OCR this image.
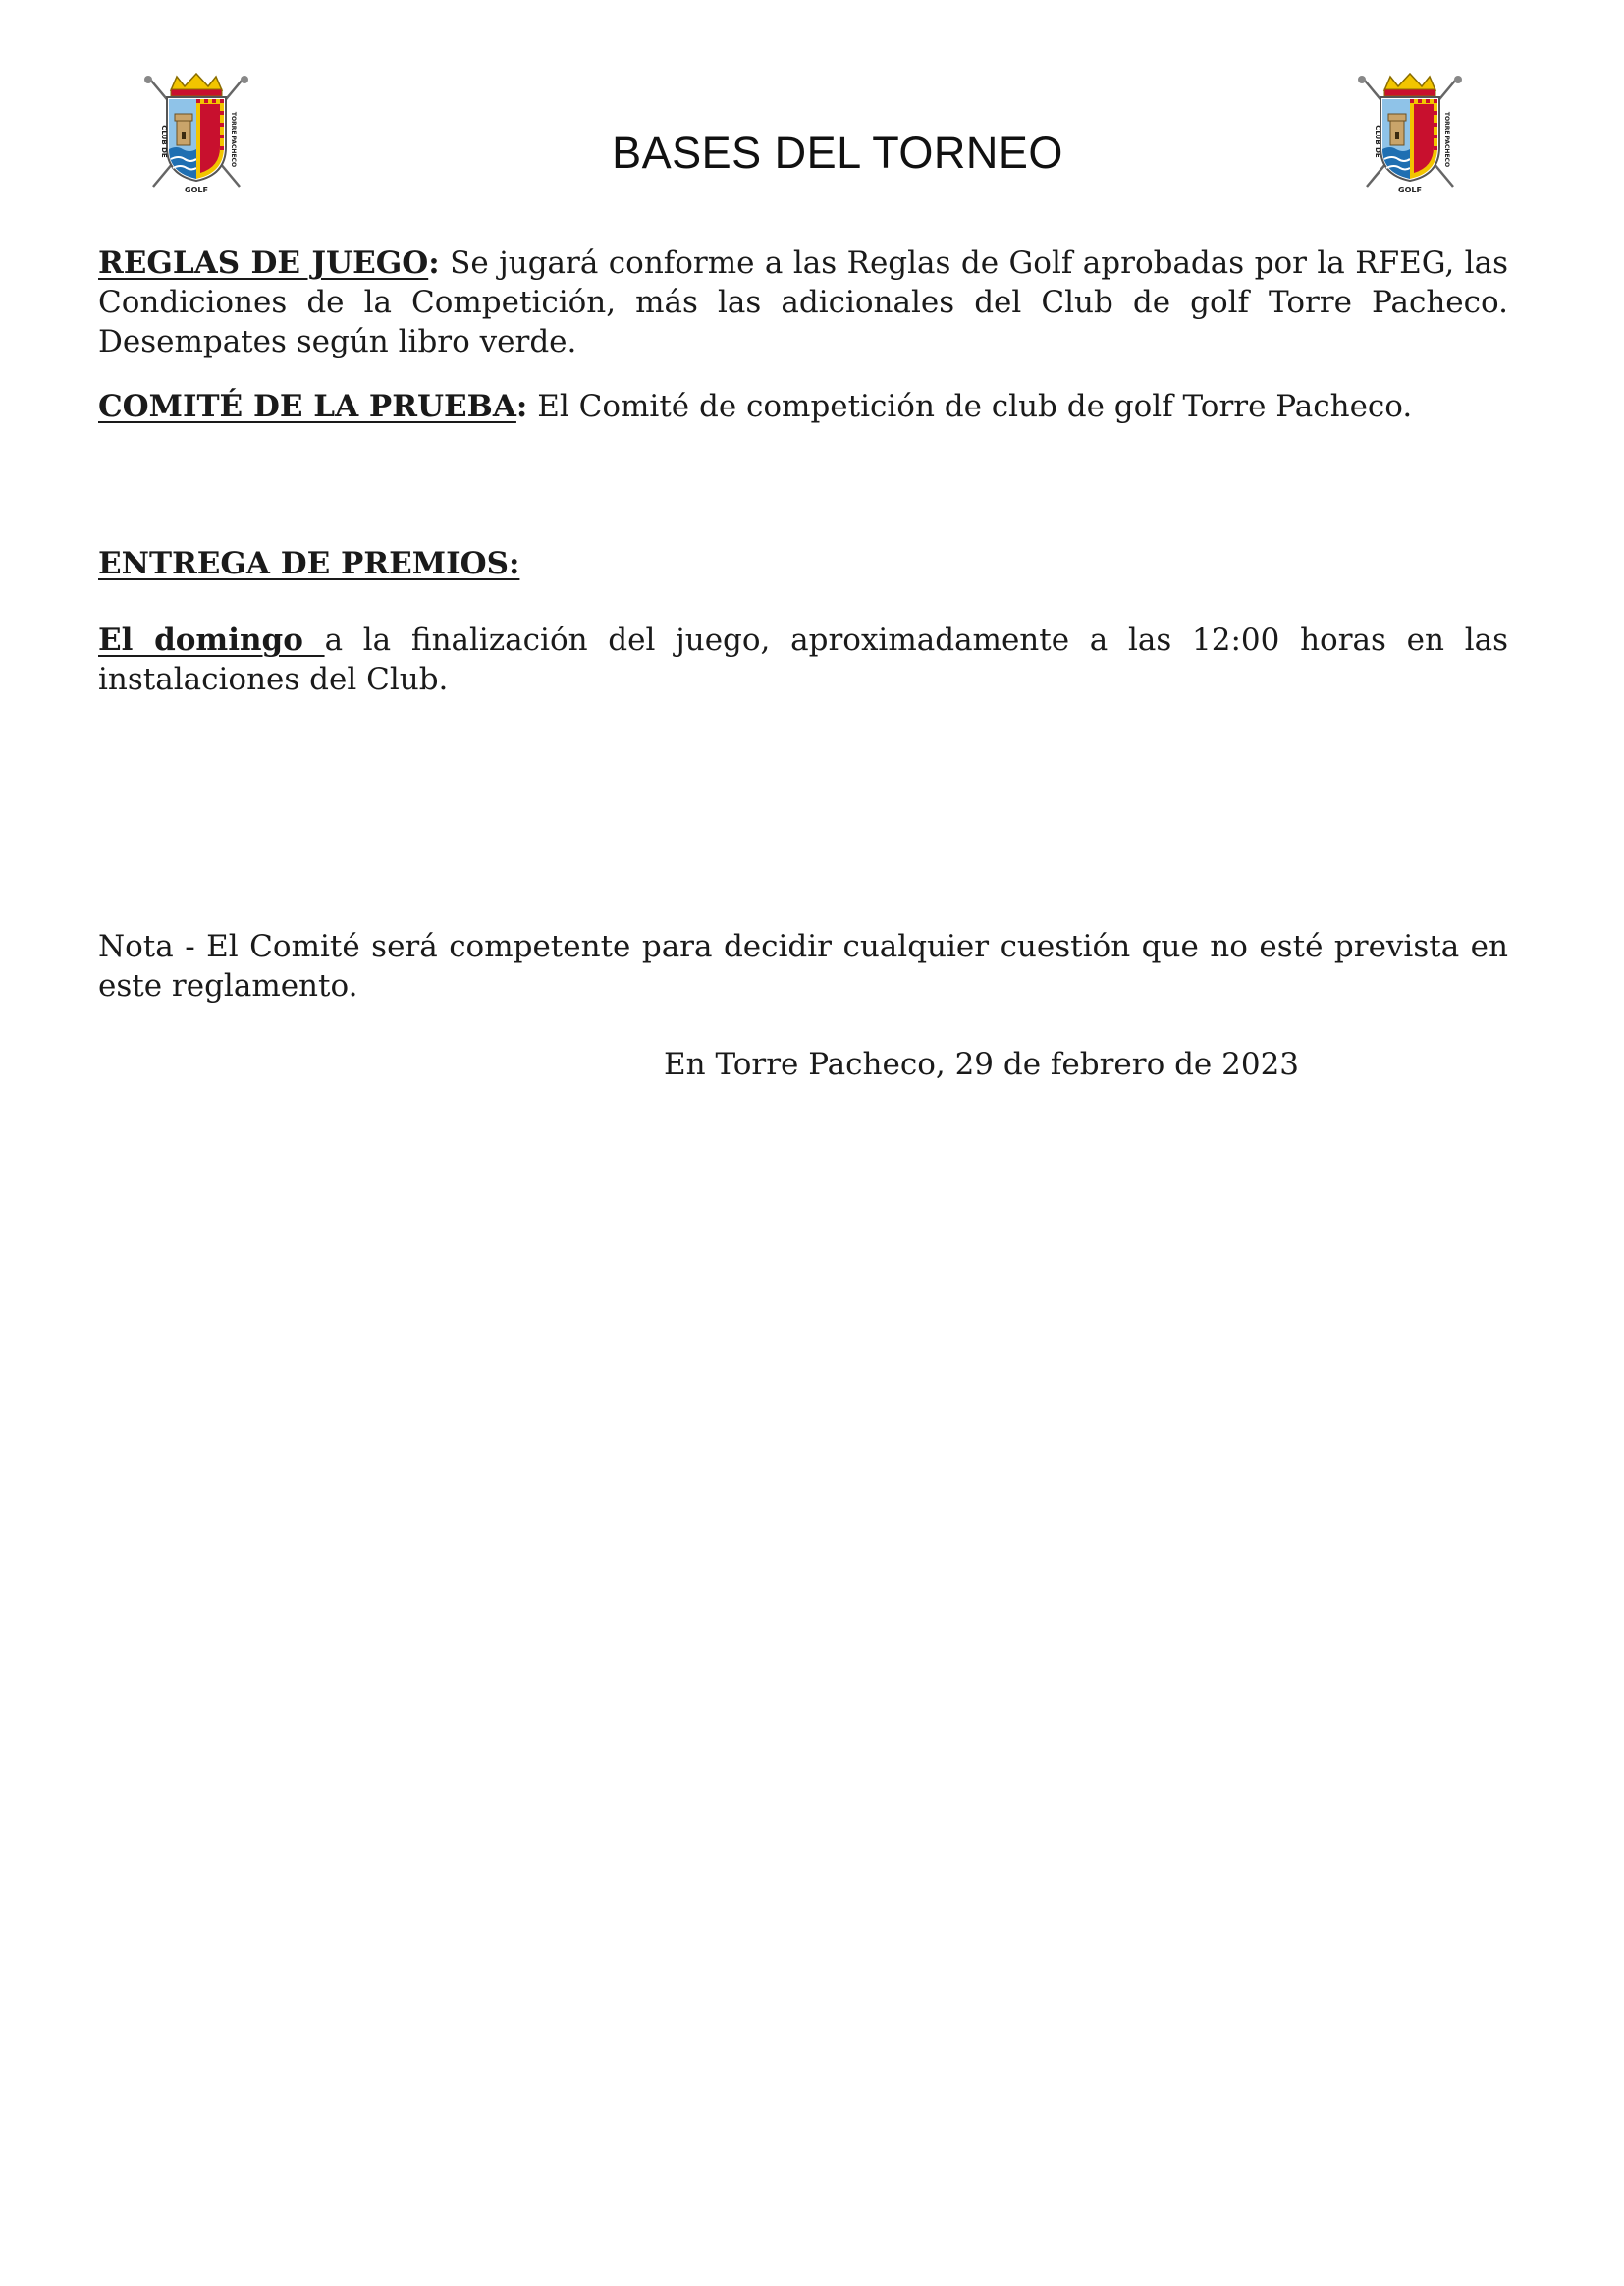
CLUB DE	TORRE PACHECO
GOLF
CLUB DE	TORRE PACHECO
GOLF
BASES DEL TORNEO

REGLAS DE JUEGO: Se jugará conforme a las Reglas de Golf aprobadas por la RFEG, las Condiciones de la Competición, más las adicionales del Club de golf Torre Pacheco. Desempates según libro verde.

COMITÉ DE LA PRUEBA: El Comité de competición de club de golf Torre Pacheco.

ENTREGA DE PREMIOS:

El domingo a la finalización del juego, aproximadamente a las 12:00 horas en las instalaciones del Club.

Nota - El Comité será competente para decidir cualquier cuestión que no esté prevista en este reglamento.

En Torre Pacheco, 29 de febrero de 2023
